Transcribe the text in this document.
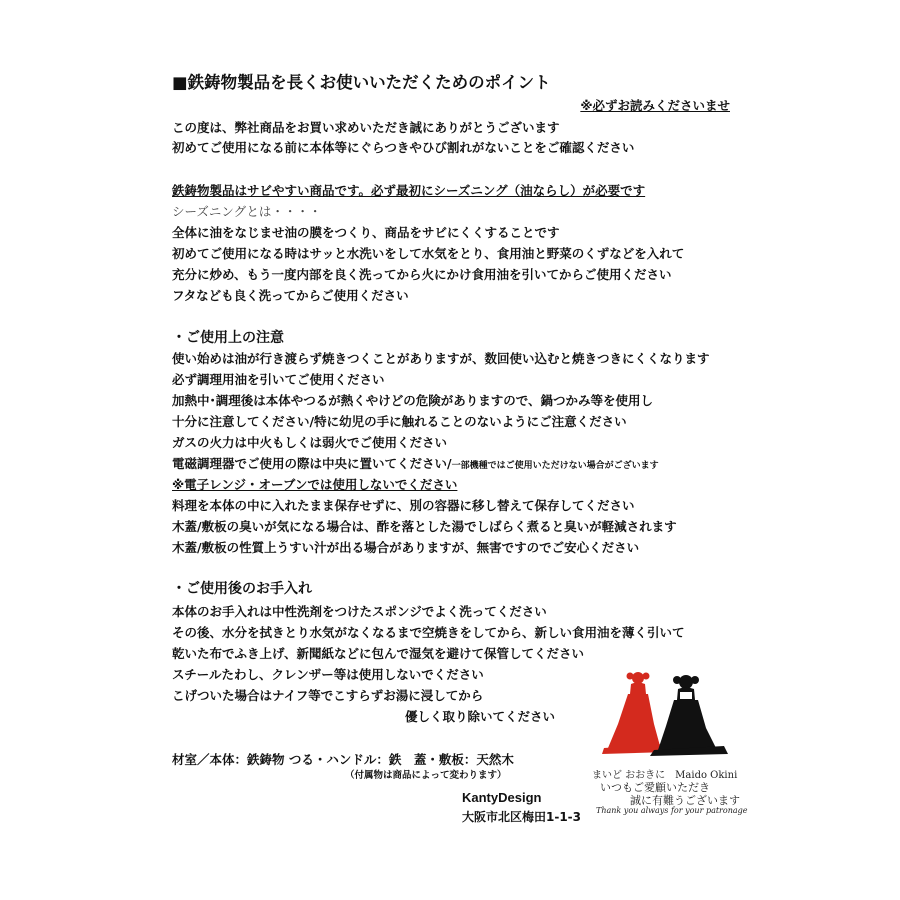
■鉄鋳物製品を長くお使いいただくためのポイント
※必ずお読みくださいませ
この度は、弊社商品をお買い求めいただき誠にありがとうございます
初めてご使用になる前に本体等にぐらつきやひび割れがないことをご確認ください
鉄鋳物製品はサビやすい商品です。必ず最初にシーズニング（油ならし）が必要です
シーズニングとは・・・・
全体に油をなじませ油の膜をつくり、商品をサビにくくすることです
初めてご使用になる時はサッと水洗いをして水気をとり、食用油と野菜のくずなどを入れて
充分に炒め、もう一度内部を良く洗ってから火にかけ食用油を引いてからご使用ください
フタなども良く洗ってからご使用ください
・ご使用上の注意
使い始めは油が行き渡らず焼きつくことがありますが、数回使い込むと焼きつきにくくなります
必ず調理用油を引いてご使用ください
加熱中･調理後は本体やつるが熱くやけどの危険がありますので、鍋つかみ等を使用し
十分に注意してください/特に幼児の手に触れることのないようにご注意ください
ガスの火力は中火もしくは弱火でご使用ください
電磁調理器でご使用の際は中央に置いてください/一部機種ではご使用いただけない場合がございます
※電子レンジ・オーブンでは使用しないでください
料理を本体の中に入れたまま保存せずに、別の容器に移し替えて保存してください
木蓋/敷板の臭いが気になる場合は、酢を落とした湯でしばらく煮ると臭いが軽減されます
木蓋/敷板の性質上うすい汁が出る場合がありますが、無害ですのでご安心ください
・ご使用後のお手入れ
本体のお手入れは中性洗剤をつけたスポンジでよく洗ってください
その後、水分を拭きとり水気がなくなるまで空焼きをしてから、新しい食用油を薄く引いて
乾いた布でふき上げ、新聞紙などに包んで湿気を避けて保管してください
スチールたわし、クレンザー等は使用しないでください
こげついた場合はナイフ等でこすらずお湯に浸してから
優しく取り除いてください
材室／本体：鉄鋳物 つる・ハンドル：鉄　蓋・敷板：天然木
（付属物は商品によって変わります）
KantyDesign
大阪市北区梅田1-1-3
まいど おおきに　Maido Okini
いつもご愛顧いただき
誠に有難うございます
Thank you always for your patronage
